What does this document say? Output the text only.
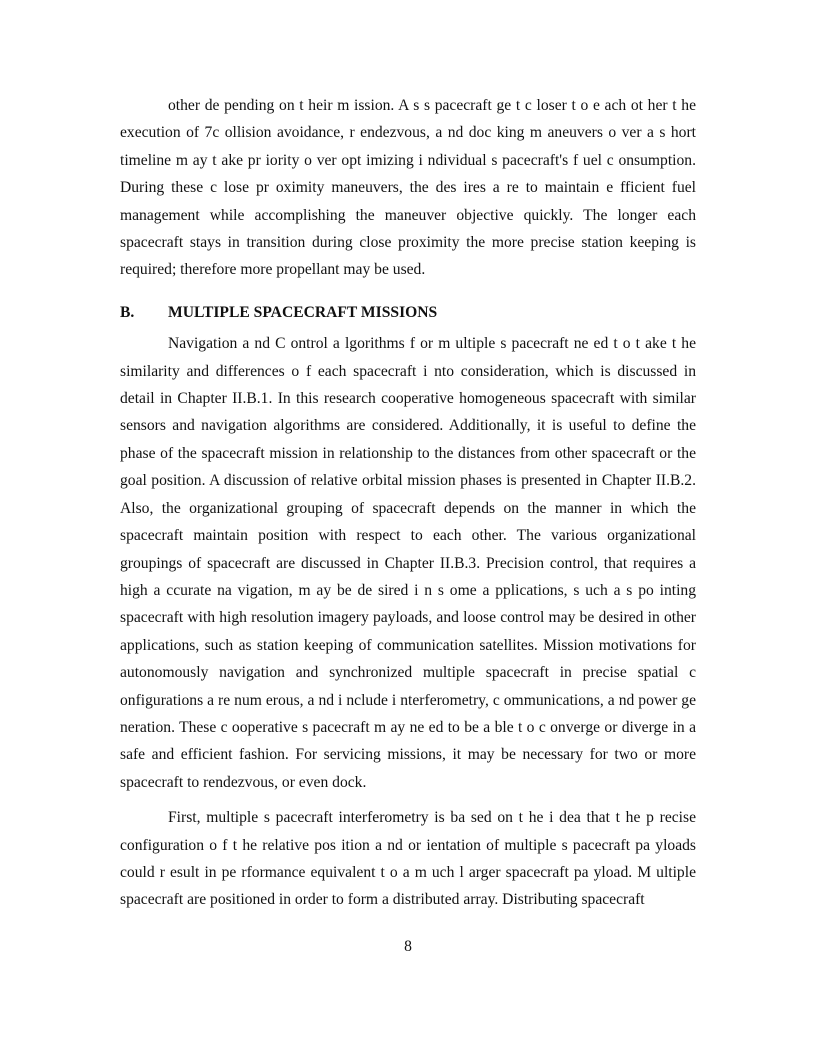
other de pending on t heir m ission. A s s pacecraft ge t c loser t o e ach ot her t he execution of 7c ollision avoidance, r endezvous, a nd doc king m aneuvers o ver a s hort timeline m ay t ake pr iority o ver opt imizing i ndividual s pacecraft's f uel c onsumption. During these c lose pr oximity maneuvers, the des ires a re to maintain e fficient fuel management while accomplishing the maneuver objective quickly. The longer each spacecraft stays in transition during close proximity the more precise station keeping is required; therefore more propellant may be used.

B.	MULTIPLE SPACECRAFT MISSIONS

Navigation a nd C ontrol a lgorithms f or m ultiple s pacecraft ne ed t o t ake t he similarity and differences o f each spacecraft i nto consideration, which is discussed in detail in Chapter II.B.1. In this research cooperative homogeneous spacecraft with similar sensors and navigation algorithms are considered. Additionally, it is useful to define the phase of the spacecraft mission in relationship to the distances from other spacecraft or the goal position. A discussion of relative orbital mission phases is presented in Chapter II.B.2. Also, the organizational grouping of spacecraft depends on the manner in which the spacecraft maintain position with respect to each other. The various organizational groupings of spacecraft are discussed in Chapter II.B.3. Precision control, that requires a high a ccurate na vigation, m ay be de sired i n s ome a pplications, s uch a s po inting spacecraft with high resolution imagery payloads, and loose control may be desired in other applications, such as station keeping of communication satellites. Mission motivations for autonomously navigation and synchronized multiple spacecraft in precise spatial c onfigurations a re num erous, a nd i nclude i nterferometry, c ommunications, a nd power ge neration. These c ooperative s pacecraft m ay ne ed to be a ble t o c onverge or diverge in a safe and efficient fashion. For servicing missions, it may be necessary for two or more spacecraft to rendezvous, or even dock.

First, multiple s pacecraft interferometry is ba sed on t he i dea that t he p recise configuration o f t he relative pos ition a nd or ientation of multiple s pacecraft pa yloads could r esult in pe rformance equivalent t o a m uch l arger spacecraft pa yload. M ultiple spacecraft are positioned in order to form a distributed array. Distributing spacecraft

8
